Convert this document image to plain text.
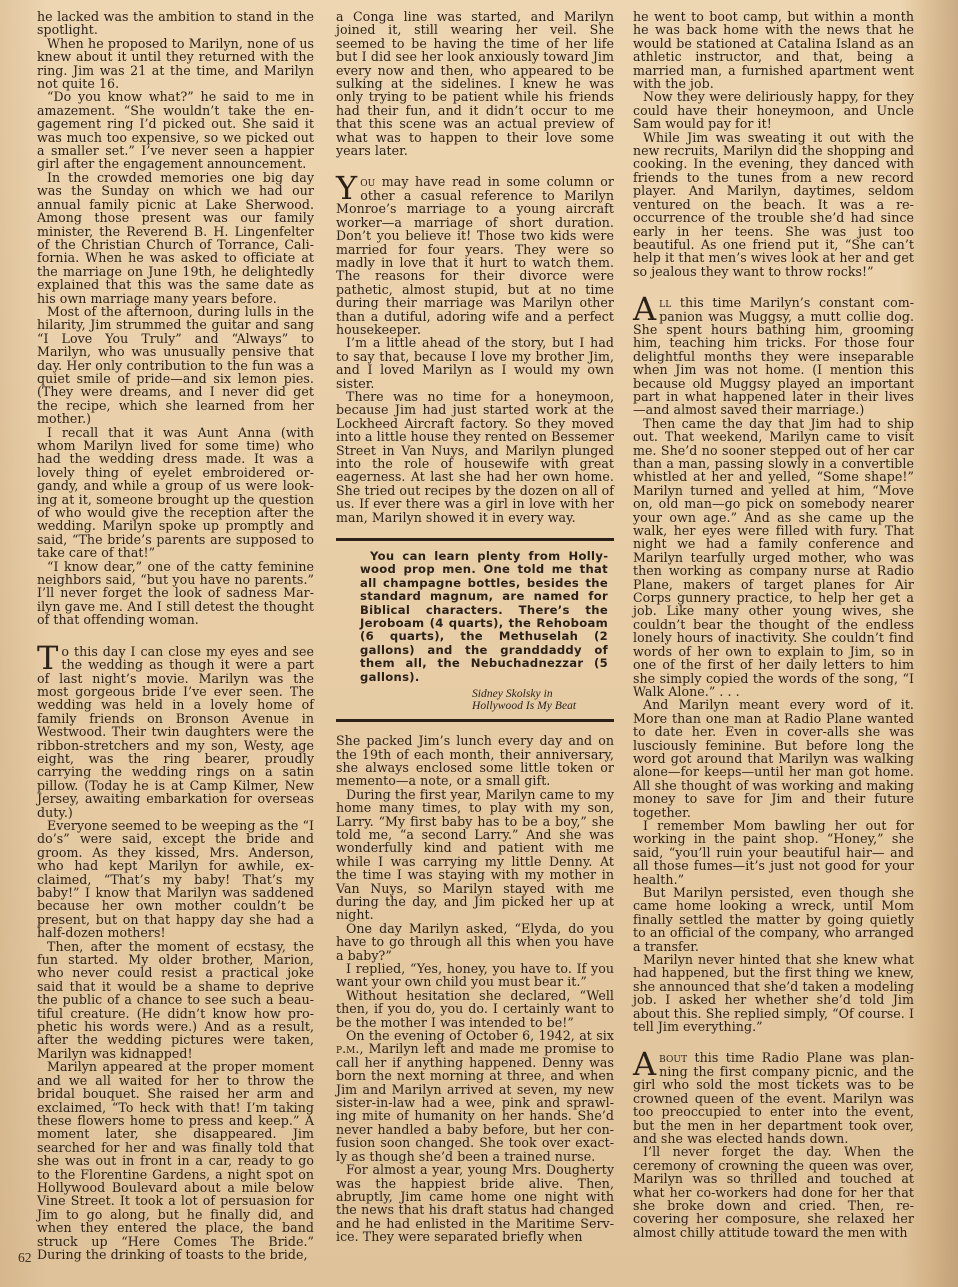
he lacked was the ambition to stand in the spotlight.

When he proposed to Marilyn, none of us knew about it until they returned with the ring. Jim was 21 at the time, and Marilyn not quite 16.

“Do you know what?” he said to me in amazement. “She wouldn’t take the engagement ring I’d picked out. She said it was much too expensive, so we picked out a smaller set.” I’ve never seen a happier girl after the engagement announcement.

In the crowded memories one big day was the Sunday on which we had our annual family picnic at Lake Sherwood. Among those present was our family minister, the Reverend B. H. Lingenfelter of the Christian Church of Torrance, California. When he was asked to officiate at the marriage on June 19th, he delightedly explained that this was the same date as his own marriage many years before.

Most of the afternoon, during lulls in the hilarity, Jim strummed the guitar and sang “I Love You Truly” and “Always” to Marilyn, who was unusually pensive that day. Her only contribution to the fun was a quiet smile of pride—and six lemon pies. (They were dreams, and I never did get the recipe, which she learned from her mother.)

I recall that it was Aunt Anna (with whom Marilyn lived for some time) who had the wedding dress made. It was a lovely thing of eyelet embroidered organdy, and while a group of us were looking at it, someone brought up the question of who would give the reception after the wedding. Marilyn spoke up promptly and said, “The bride’s parents are supposed to take care of that!”

“I know dear,” one of the catty feminine neighbors said, “but you have no parents.” I’ll never forget the look of sadness Marilyn gave me. And I still detest the thought of that offending woman.

To this day I can close my eyes and see the wedding as though it were a part of last night’s movie. Marilyn was the most gorgeous bride I’ve ever seen. The wedding was held in a lovely home of family friends on Bronson Avenue in Westwood. Their twin daughters were the ribbon-stretchers and my son, Westy, age eight, was the ring bearer, proudly carrying the wedding rings on a satin pillow. (Today he is at Camp Kilmer, New Jersey, awaiting embarkation for overseas duty.)

Everyone seemed to be weeping as the “I do’s” were said, except the bride and groom. As they kissed, Mrs. Anderson, who had kept Marilyn for awhile, exclaimed, “That’s my baby! That’s my baby!” I know that Marilyn was saddened because her own mother couldn’t be present, but on that happy day she had a half-dozen mothers!

Then, after the moment of ecstasy, the fun started. My older brother, Marion, who never could resist a practical joke said that it would be a shame to deprive the public of a chance to see such a beautiful creature. (He didn’t know how prophetic his words were.) And as a result, after the wedding pictures were taken, Marilyn was kidnapped!

Marilyn appeared at the proper moment and we all waited for her to throw the bridal bouquet. She raised her arm and exclaimed, “To heck with that! I’m taking these flowers home to press and keep.” A moment later, she disappeared. Jim searched for her and was finally told that she was out in front in a car, ready to go to the Florentine Gardens, a night spot on Hollywood Boulevard about a mile below Vine Street. It took a lot of persuasion for Jim to go along, but he finally did, and when they entered the place, the band struck up “Here Comes The Bride.” During the drinking of toasts to the bride,

a Conga line was started, and Marilyn joined it, still wearing her veil. She seemed to be having the time of her life but I did see her look anxiously toward Jim every now and then, who appeared to be sulking at the sidelines. I knew he was only trying to be patient while his friends had their fun, and it didn’t occur to me that this scene was an actual preview of what was to happen to their love some years later.

You may have read in some column or other a casual reference to Marilyn Monroe’s marriage to a young aircraft worker—a marriage of short duration. Don’t you believe it! Those two kids were married for four years. They were so madly in love that it hurt to watch them. The reasons for their divorce were pathetic, almost stupid, but at no time during their marriage was Marilyn other than a dutiful, adoring wife and a perfect housekeeper.

I’m a little ahead of the story, but I had to say that, because I love my brother Jim, and I loved Marilyn as I would my own sister.

There was no time for a honeymoon, because Jim had just started work at the Lockheed Aircraft factory. So they moved into a little house they rented on Bessemer Street in Van Nuys, and Marilyn plunged into the role of housewife with great eagerness. At last she had her own home. She tried out recipes by the dozen on all of us. If ever there was a girl in love with her man, Marilyn showed it in every way.

You can learn plenty from Hollywood prop men. One told me that all champagne bottles, besides the standard magnum, are named for Biblical characters. There’s the Jeroboam (4 quarts), the Rehoboam (6 quarts), the Methuselah (2 gallons) and the granddaddy of them all, the Nebuchadnezzar (5 gallons).

Sidney Skolsky in
Hollywood Is My Beat

She packed Jim’s lunch every day and on the 19th of each month, their anniversary, she always enclosed some little token or memento—a note, or a small gift.

During the first year, Marilyn came to my home many times, to play with my son, Larry. “My first baby has to be a boy,” she told me, “a second Larry.” And she was wonderfully kind and patient with me while I was carrying my little Denny. At the time I was staying with my mother in Van Nuys, so Marilyn stayed with me during the day, and Jim picked her up at night.

One day Marilyn asked, “Elyda, do you have to go through all this when you have a baby?”

I replied, “Yes, honey, you have to. If you want your own child you must bear it.”

Without hesitation she declared, “Well then, if you do, you do. I certainly want to be the mother I was intended to be!”

On the evening of October 6, 1942, at six p.m., Marilyn left and made me promise to call her if anything happened. Denny was born the next morning at three, and when Jim and Marilyn arrived at seven, my new sister-in-law had a wee, pink and sprawling mite of humanity on her hands. She’d never handled a baby before, but her confusion soon changed. She took over exactly as though she’d been a trained nurse.

For almost a year, young Mrs. Dougherty was the happiest bride alive. Then, abruptly, Jim came home one night with the news that his draft status had changed and he had enlisted in the Maritime Service. They were separated briefly when

he went to boot camp, but within a month he was back home with the news that he would be stationed at Catalina Island as an athletic instructor, and that, being a married man, a furnished apartment went with the job.

Now they were deliriously happy, for they could have their honeymoon, and Uncle Sam would pay for it!

While Jim was sweating it out with the new recruits, Marilyn did the shopping and cooking. In the evening, they danced with friends to the tunes from a new record player. And Marilyn, daytimes, seldom ventured on the beach. It was a re-occurrence of the trouble she’d had since early in her teens. She was just too beautiful. As one friend put it, “She can’t help it that men’s wives look at her and get so jealous they want to throw rocks!”

All this time Marilyn’s constant companion was Muggsy, a mutt collie dog. She spent hours bathing him, grooming him, teaching him tricks. For those four delightful months they were inseparable when Jim was not home. (I mention this because old Muggsy played an important part in what happened later in their lives —and almost saved their marriage.)

Then came the day that Jim had to ship out. That weekend, Marilyn came to visit me. She’d no sooner stepped out of her car than a man, passing slowly in a convertible whistled at her and yelled, “Some shape!” Marilyn turned and yelled at him, “Move on, old man—go pick on somebody nearer your own age.” And as she came up the walk, her eyes were filled with fury. That night we had a family conference and Marilyn tearfully urged mother, who was then working as company nurse at Radio Plane, makers of target planes for Air Corps gunnery practice, to help her get a job. Like many other young wives, she couldn’t bear the thought of the endless lonely hours of inactivity. She couldn’t find words of her own to explain to Jim, so in one of the first of her daily letters to him she simply copied the words of the song, “I Walk Alone.” . . .

And Marilyn meant every word of it. More than one man at Radio Plane wanted to date her. Even in cover-alls she was lusciously feminine. But before long the word got around that Marilyn was walking alone—for keeps—until her man got home. All she thought of was working and making money to save for Jim and their future together.

I remember Mom bawling her out for working in the paint shop. “Honey,” she said, “you’ll ruin your beautiful hair— and all those fumes—it’s just not good for your health.”

But Marilyn persisted, even though she came home looking a wreck, until Mom finally settled the matter by going quietly to an official of the company, who arranged a transfer.

Marilyn never hinted that she knew what had happened, but the first thing we knew, she announced that she’d taken a modeling job. I asked her whether she’d told Jim about this. She replied simply, “Of course. I tell Jim everything.”

About this time Radio Plane was planning the first company picnic, and the girl who sold the most tickets was to be crowned queen of the event. Marilyn was too preoccupied to enter into the event, but the men in her department took over, and she was elected hands down.

I’ll never forget the day. When the ceremony of crowning the queen was over, Marilyn was so thrilled and touched at what her co-workers had done for her that she broke down and cried. Then, recovering her composure, she relaxed her almost chilly attitude toward the men with

62
